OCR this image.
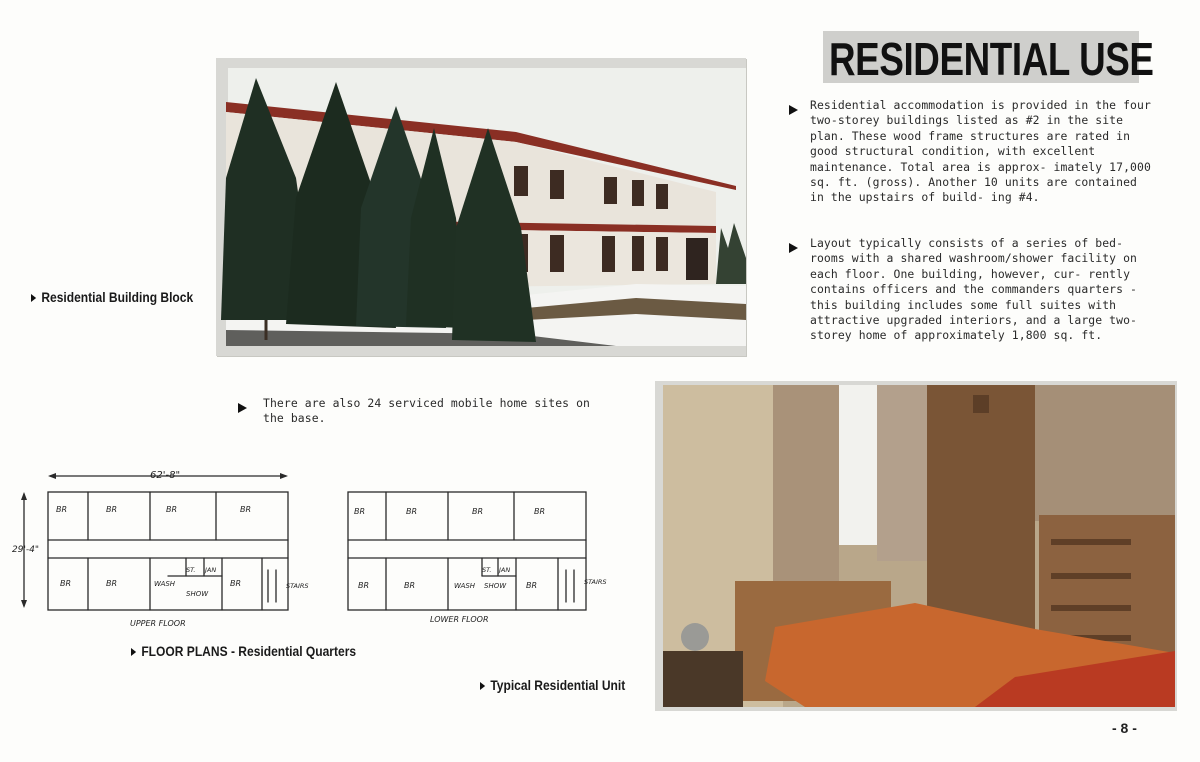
RESIDENTIAL USE
Residential accommodation is provided in the four two-storey buildings listed as #2 in the site plan. These wood frame structures are rated in good structural condition, with excellent maintenance. Total area is approx- imately 17,000 sq. ft. (gross). Another 10 units are contained in the upstairs of build- ing #4.
Layout typically consists of a series of bed- rooms with a shared washroom/shower facility on each floor. One building, however, cur- rently contains officers and the commanders quarters - this building includes some full suites with attractive upgraded interiors, and a large two-storey home of approximately 1,800 sq. ft.
There are also 24 serviced mobile home sites on the base.
Residential Building Block
62'-8"
29'-4"
BR	BR	BR	BR
BR	BR	WASH
SHOW
ST.	JAN
BR	STAIRS
UPPER FLOOR
BR	BR	BR	BR
BR	BR	WASH SHOW
ST.	JAN
BR	STAIRS
LOWER FLOOR
FLOOR PLANS - Residential Quarters
Typical Residential Unit
- 8 -
